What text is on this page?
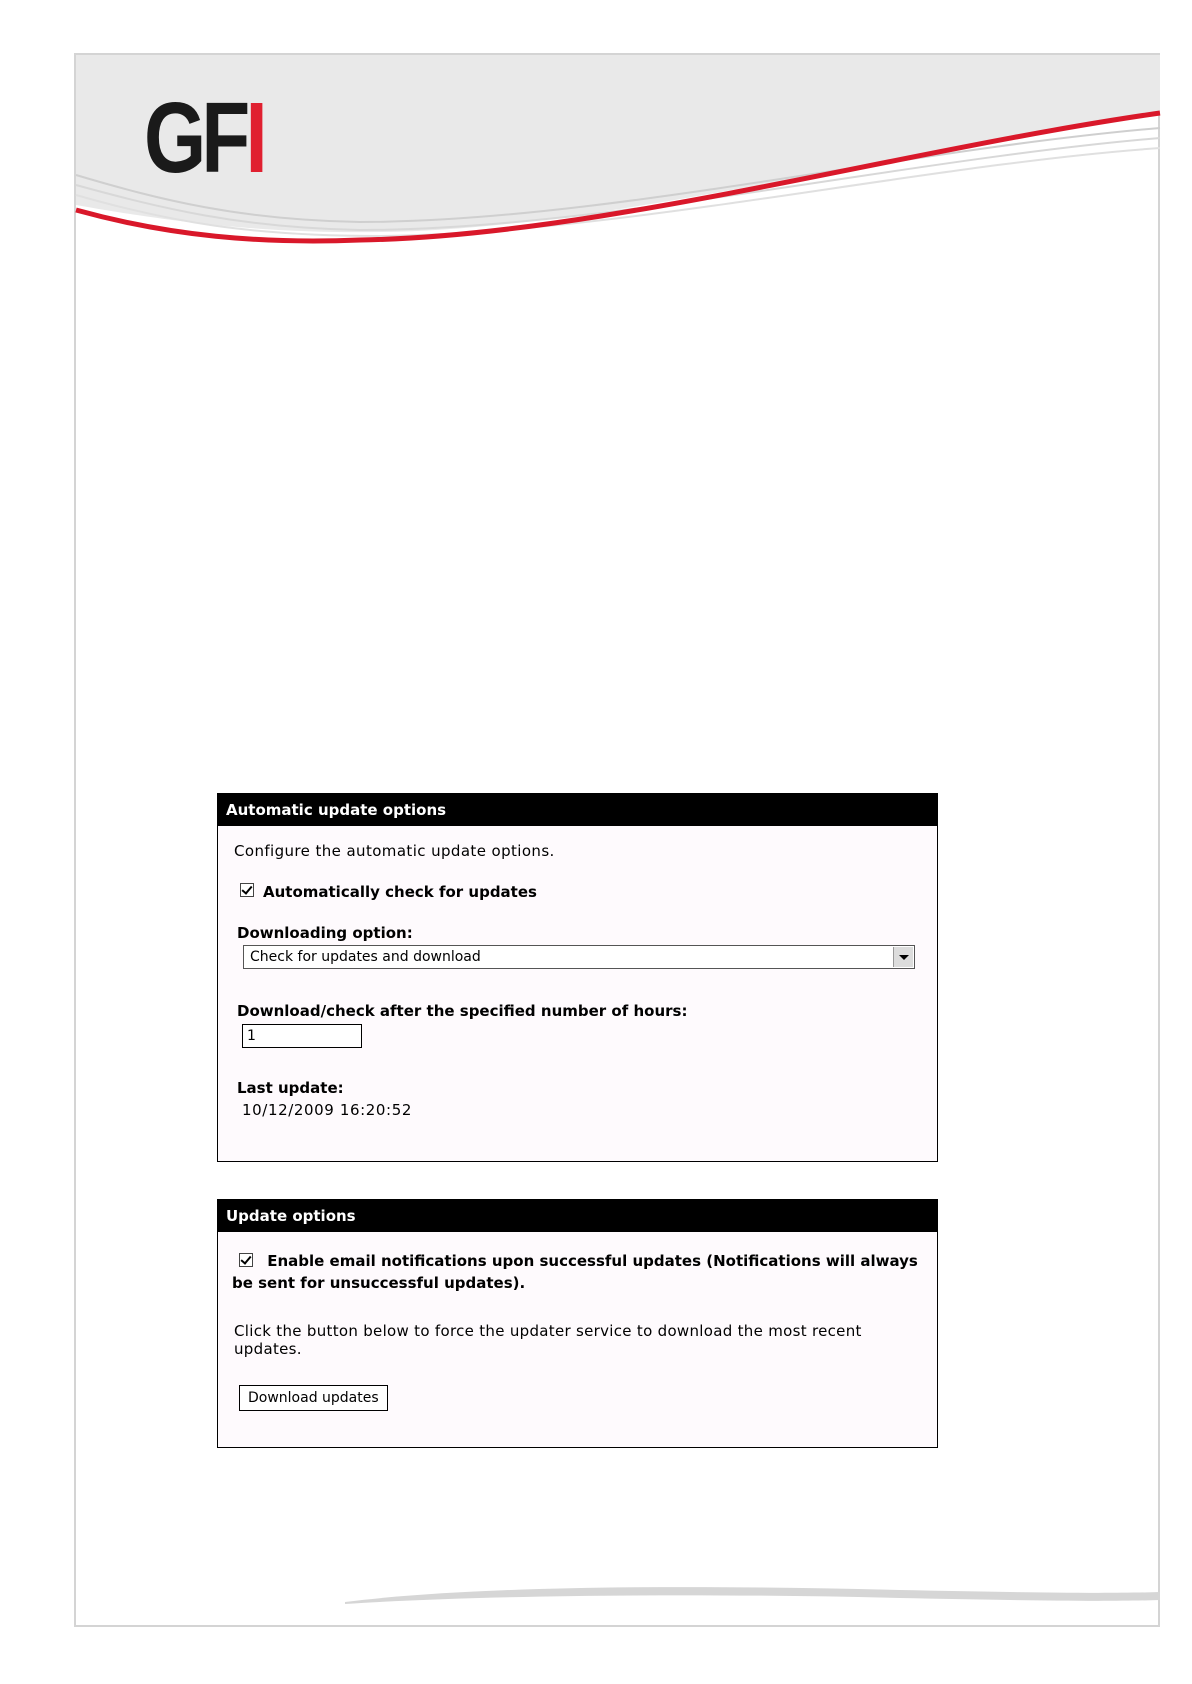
GFI
Automatic update options
Configure the automatic update options.
Automatically check for updates
Downloading option:
Check for updates and download
Download/check after the specified number of hours:
1
Last update:
10/12/2009 16:20:52
Update options
Enable email notifications upon successful updates (Notifications will always be sent for unsuccessful updates).
Click the button below to force the updater service to download the most recent updates.
Download updates
